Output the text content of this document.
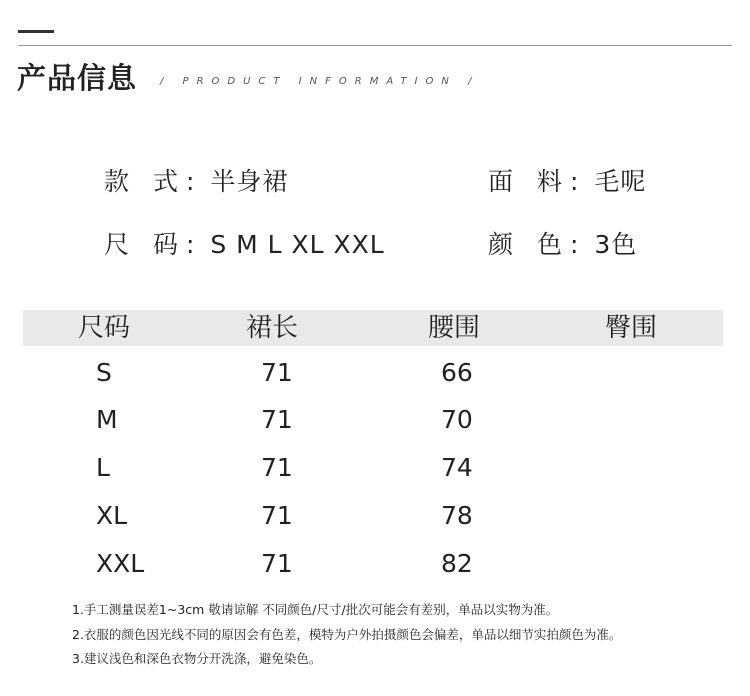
产品信息 / PRODUCT INFORMATION /
款 式: 半身裙	面 料: 毛呢
尺 码: S M L XL XXL	颜 色: 3色
尺码	裙长	腰围	臀围
S	71	66
M	71	70
L	71	74
XL	71	78
XXL	71	82
1.手工测量误差1~3cm 敬请谅解 不同颜色/尺寸/批次可能会有差别，单品以实物为准。
2.衣服的颜色因光线不同的原因会有色差，模特为户外拍摄颜色会偏差，单品以细节实拍颜色为准。
3.建议浅色和深色衣物分开洗涤，避免染色。
